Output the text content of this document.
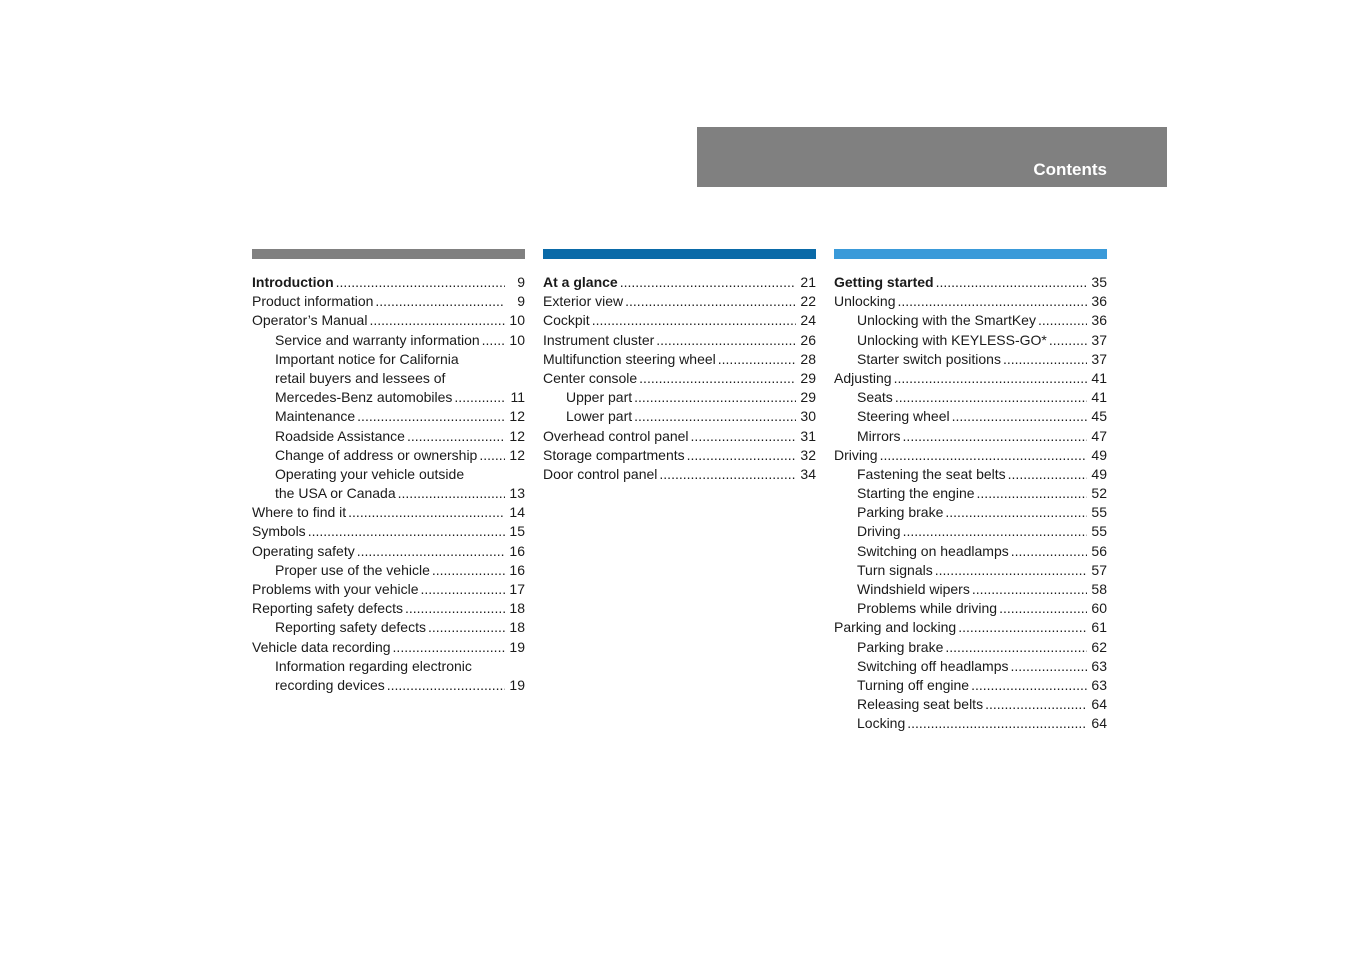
Contents
Introduction .....	9
Product information .....	9
Operator’s Manual .....	10
Service and warranty information ..... 10
Important notice for California
retail buyers and lessees of
Mercedes-Benz automobiles .....	11
Maintenance .....	12
Roadside Assistance .....	12
Change of address or ownership ..... 12
Operating your vehicle outside
the USA or Canada .....	13
Where to find it .....	14
Symbols .....	15
Operating safety .....	16
Proper use of the vehicle .....	16
Problems with your vehicle .....	17
Reporting safety defects .....	18
Reporting safety defects .....	18
Vehicle data recording .....	19
Information regarding electronic
recording devices .....	19
At a glance .....	21
Exterior view .....	22
Cockpit .....	24
Instrument cluster .....	26
Multifunction steering wheel .....	28
Center console .....	29
Upper part .....	29
Lower part .....	30
Overhead control panel .....	31
Storage compartments .....	32
Door control panel .....	34
Getting started .....	35
Unlocking .....	36
Unlocking with the SmartKey .....	36
Unlocking with KEYLESS-GO* .....	37
Starter switch positions .....	37
Adjusting .....	41
Seats .....	41
Steering wheel .....	45
Mirrors .....	47
Driving .....	49
Fastening the seat belts .....	49
Starting the engine .....	52
Parking brake .....	55
Driving .....	55
Switching on headlamps .....	56
Turn signals .....	57
Windshield wipers .....	58
Problems while driving .....	60
Parking and locking .....	61
Parking brake .....	62
Switching off headlamps .....	63
Turning off engine .....	63
Releasing seat belts .....	64
Locking .....	64
